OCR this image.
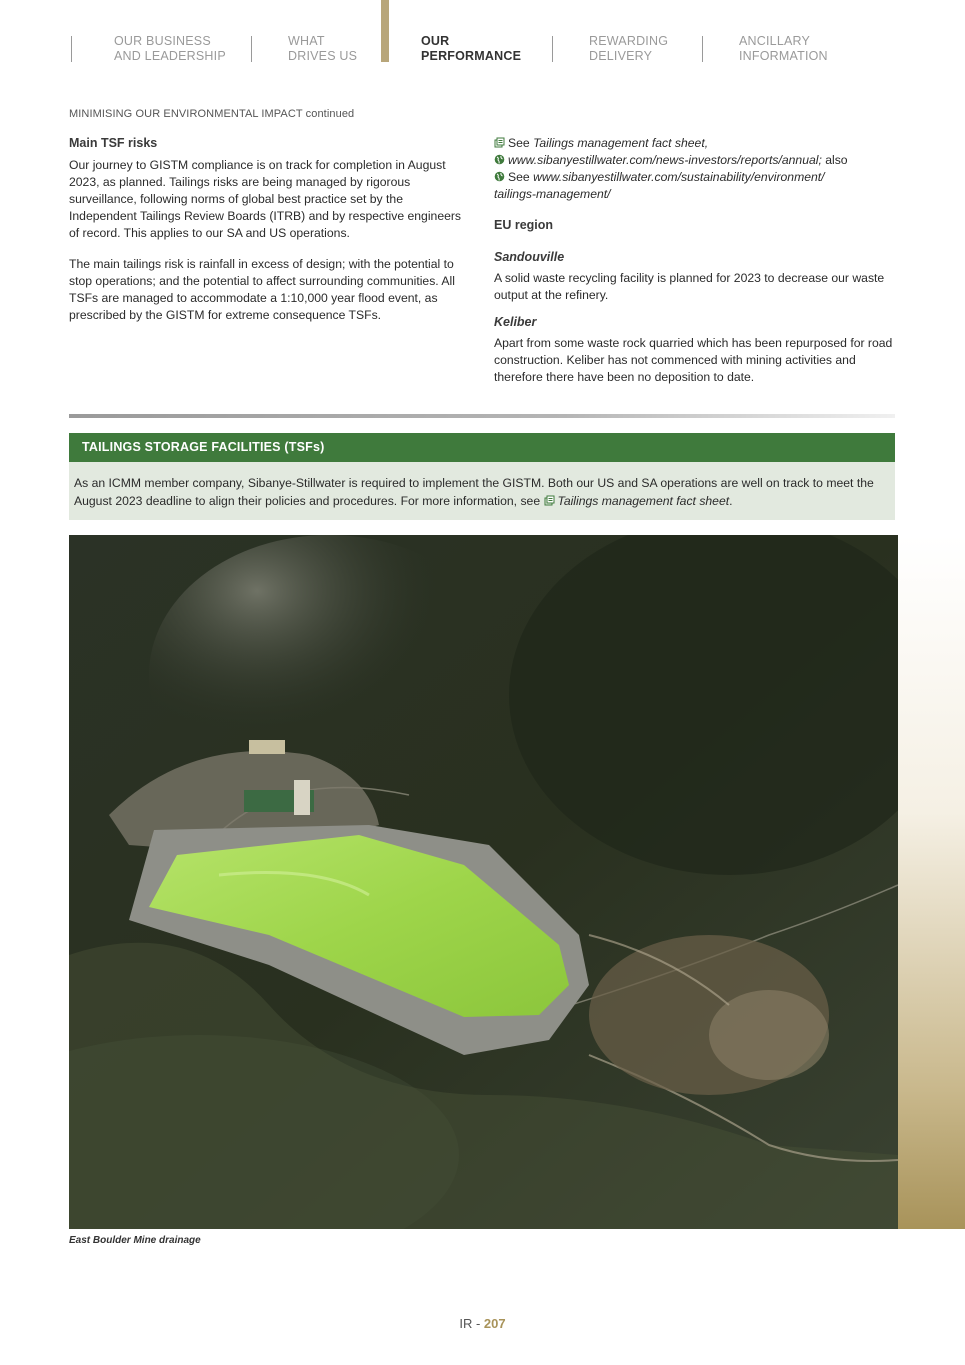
OUR BUSINESS
AND LEADERSHIP
WHAT
DRIVES US
OUR
PERFORMANCE
REWARDING
DELIVERY
ANCILLARY
INFORMATION
MINIMISING OUR ENVIRONMENTAL IMPACT continued
Main TSF risks

Our journey to GISTM compliance is on track for completion in August 2023, as planned. Tailings risks are being managed by rigorous surveillance, following norms of global best practice set by the Independent Tailings Review Boards (ITRB) and by respective engineers of record. This applies to our SA and US operations.

The main tailings risk is rainfall in excess of design; with the potential to stop operations; and the potential to affect surrounding communities. All TSFs are managed to accommodate a 1:10,000 year flood event, as prescribed by the GISTM for extreme consequence TSFs.

See Tailings management fact sheet,
www.sibanyestillwater.com/news-investors/reports/annual; also
See www.sibanyestillwater.com/sustainability/environment/
tailings-management/
EU region
Sandouville

A solid waste recycling facility is planned for 2023 to decrease our waste output at the refinery.

Keliber

Apart from some waste rock quarried which has been repurposed for road construction. Keliber has not commenced with mining activities and therefore there have been no deposition to date.

TAILINGS STORAGE FACILITIES (TSFs)

As an ICMM member company, Sibanye-Stillwater is required to implement the GISTM. Both our US and SA operations are well on track to meet the August 2023 deadline to align their policies and procedures. For more information, see Tailings management fact sheet.

East Boulder Mine drainage
IR - 207
